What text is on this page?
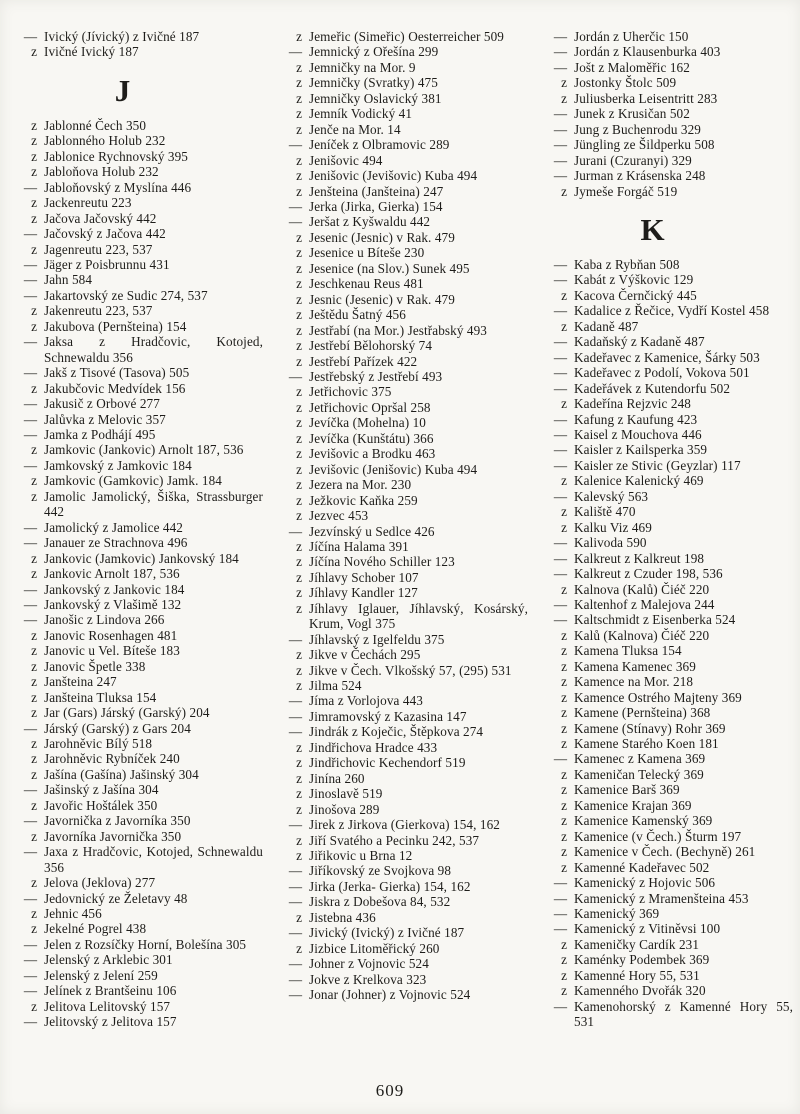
— Ivický (Jívický) z Ivičné 187
z Ivičné Ivický 187
J
z Jablonné Čech 350
z Jablonného Holub 232
z Jablonice Rychnovský 395
z Jabloňova Holub 232
— Jabloňovský z Myslína 446
z Jackenreutu 223
z Jačova Jačovský 442
— Jačovský z Jačova 442
z Jagenreutu 223, 537
— Jäger z Poisbrunnu 431
— Jahn 584
— Jakartovský ze Sudic 274, 537
z Jakenreutu 223, 537
z Jakubova (Pernšteina) 154
— Jaksa z Hradčovic, Kotojed, Schnewaldu 356
— Jakš z Tisové (Tasova) 505
z Jakubčovic Medvídek 156
— Jakusič z Orbové 277
— Jalůvka z Melovic 357
— Jamka z Podhájí 495
z Jamkovic (Jankovic) Arnolt 187, 536
— Jamkovský z Jamkovic 184
z Jamkovic (Gamkovic) Jamk. 184
z Jamolic Jamolický, Šiška, Strassburger 442
— Jamolický z Jamolice 442
— Janauer ze Strachnova 496
z Jankovic (Jamkovic) Jankovský 184
z Jankovic Arnolt 187, 536
— Jankovský z Jankovic 184
— Jankovský z Vlašimě 132
— Janošic z Lindova 266
z Janovic Rosenhagen 481
z Janovic u Vel. Bíteše 183
z Janovic Špetle 338
z Janšteina 247
z Janšteina Tluksa 154
z Jar (Gars) Járský (Garský) 204
— Járský (Garský) z Gars 204
z Jarohněvic Bílý 518
z Jarohněvic Rybníček 240
z Jašína (Gašína) Jašinský 304
— Jašinský z Jašína 304
z Javořic Hoštálek 350
— Javornička z Javorníka 350
z Javorníka Javornička 350
— Jaxa z Hradčovic, Kotojed, Schnewaldu 356
z Jelova (Jeklova) 277
— Jedovnický ze Želetavy 48
z Jehnic 456
z Jekelné Pogrel 438
— Jelen z Rozsíčky Horní, Bolešína 305
— Jelenský z Arklebic 301
— Jelenský z Jelení 259
— Jelínek z Brantšeinu 106
z Jelitova Lelitovský 157
— Jelitovský z Jelitova 157
z Jemeřic (Simeřic) Oesterreicher 509
— Jemnický z Ořešína 299
z Jemničky na Mor. 9
z Jemničky (Svratky) 475
z Jemničky Oslavický 381
z Jemník Vodický 41
z Jenče na Mor. 14
— Jeníček z Olbramovic 289
z Jenišovic 494
z Jenišovic (Jevišovic) Kuba 494
z Jenšteina (Janšteina) 247
— Jerka (Jirka, Gierka) 154
— Jeršat z Kyšwaldu 442
z Jesenic (Jesnic) v Rak. 479
z Jesenice u Bíteše 230
z Jesenice (na Slov.) Sunek 495
z Jeschkenau Reus 481
z Jesnic (Jesenic) v Rak. 479
z Ještědu Šatný 456
z Jestřabí (na Mor.) Jestřabský 493
z Jestřebí Bělohorský 74
z Jestřebí Pařízek 422
— Jestřebský z Jestřebí 493
z Jetřichovic 375
z Jetřichovic Opršal 258
z Jevíčka (Mohelna) 10
z Jevíčka (Kunštátu) 366
z Jevišovic a Brodku 463
z Jevišovic (Jenišovic) Kuba 494
z Jezera na Mor. 230
z Ježkovic Kaňka 259
z Jezvec 453
— Jezvínský u Sedlce 426
z Jíčína Halama 391
z Jíčína Nového Schiller 123
z Jíhlavy Schober 107
z Jíhlavy Kandler 127
z Jíhlavy Iglauer, Jíhlavský, Kosárský, Krum, Vogl 375
— Jíhlavský z Igelfeldu 375
z Jikve v Čechách 295
z Jikve v Čech. Vlkošský 57, (295) 531
z Jilma 524
— Jíma z Vorlojova 443
— Jimramovský z Kazasina 147
— Jindrák z Koječic, Štěpkova 274
z Jindřichova Hradce 433
z Jindřichovic Kechendorf 519
z Jinína 260
z Jinoslavě 519
z Jinošova 289
— Jirek z Jirkova (Gierkova) 154, 162
z Jiří Svatého a Pecinku 242, 537
z Jiřikovic u Brna 12
— Jiříkovský ze Svojkova 98
— Jirka (Jerka- Gierka) 154, 162
— Jiskra z Dobešova 84, 532
z Jistebna 436
— Jivický (Ivický) z Ivičné 187
z Jizbice Litoměřický 260
— Johner z Vojnovic 524
— Jokve z Krelkova 323
— Jonar (Johner) z Vojnovic 524
— Jordán z Uherčic 150
— Jordán z Klausenburka 403
— Jošt z Maloměřic 162
z Jostonky Štolc 509
z Juliusberka Leisentritt 283
— Junek z Krusičan 502
— Jung z Buchenrodu 329
— Jüngling ze Šildperku 508
— Jurani (Czuranyi) 329
— Jurman z Krásenska 248
z Jymeše Forgáč 519
K
— Kaba z Rybňan 508
— Kabát z Výškovic 129
z Kacova Černčický 445
— Kadalice z Řečice, Vydří Kostel 458
z Kadaně 487
— Kadaňský z Kadaně 487
— Kadeřavec z Kamenice, Šárky 503
— Kadeřavec z Podolí, Vokova 501
— Kadeřávek z Kutendorfu 502
z Kadeřína Rejzvic 248
— Kafung z Kaufung 423
— Kaisel z Mouchova 446
— Kaisler z Kailsperka 359
— Kaisler ze Stivic (Geyzlar) 117
z Kalenice Kalenický 469
— Kalevský 563
z Kaliště 470
z Kalku Viz 469
— Kalivoda 590
— Kalkreut z Kalkreut 198
— Kalkreut z Czuder 198, 536
z Kalnova (Kalů) Čiéč 220
— Kaltenhof z Malejova 244
— Kaltschmidt z Eisenberka 524
z Kalů (Kalnova) Čiéč 220
z Kamena Tluksa 154
z Kamena Kamenec 369
z Kamence na Mor. 218
z Kamence Ostrého Majteny 369
z Kamene (Pernšteina) 368
z Kamene (Stínavy) Rohr 369
z Kamene Starého Koen 181
— Kamenec z Kamena 369
z Kameničan Telecký 369
z Kamenice Barš 369
z Kamenice Krajan 369
z Kamenice Kamenský 369
z Kamenice (v Čech.) Šturm 197
z Kamenice v Čech. (Bechyně) 261
z Kamenné Kadeřavec 502
— Kamenický z Hojovic 506
— Kamenický z Mramenšteina 453
— Kamenický 369
— Kamenický z Vitiněvsi 100
z Kameničky Cardík 231
z Kaménky Podembek 369
z Kamenné Hory 55, 531
z Kamenného Dvořák 320
— Kamenohorský z Kamenné Hory 55, 531
609
